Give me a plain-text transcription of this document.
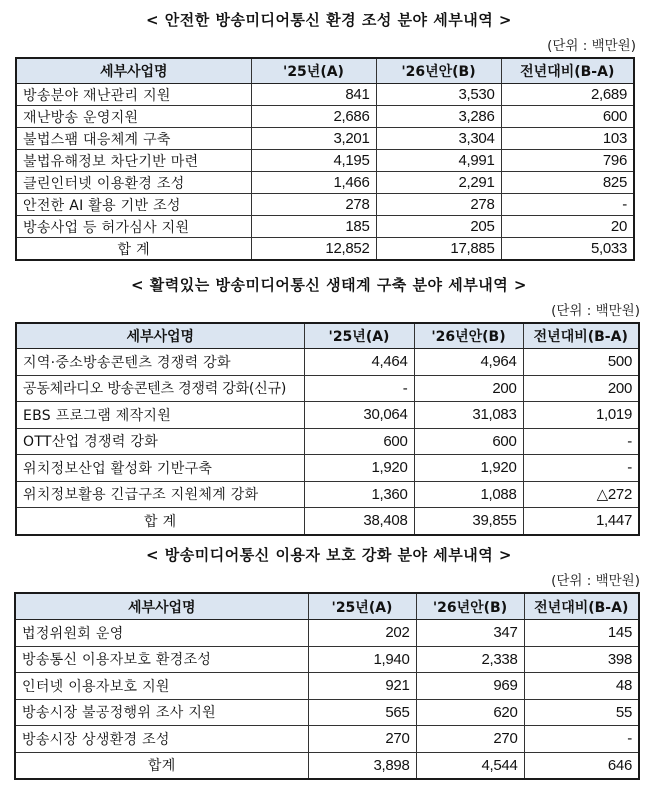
< 안전한 방송미디어통신 환경 조성 분야 세부내역 >
(단위 : 백만원)
세부사업명	'25년(A)	'26년안(B)	전년대비(B-A)
방송분야 재난관리 지원	841	3,530	2,689
재난방송 운영지원	2,686	3,286	600
불법스팸 대응체계 구축	3,201	3,304	103
불법유해정보 차단기반 마련	4,195	4,991	796
클린인터넷 이용환경 조성	1,466	2,291	825
안전한 AI 활용 기반 조성	278	278	-
방송사업 등 허가심사 지원	185	205	20
합 계	12,852	17,885	5,033
< 활력있는 방송미디어통신 생태계 구축 분야 세부내역 >
(단위 : 백만원)
세부사업명	'25년(A)	'26년안(B)	전년대비(B-A)
지역·중소방송콘텐츠 경쟁력 강화	4,464	4,964	500
공동체라디오 방송콘텐츠 경쟁력 강화(신규)	-	200	200
EBS 프로그램 제작지원	30,064	31,083	1,019
OTT산업 경쟁력 강화	600	600	-
위치정보산업 활성화 기반구축	1,920	1,920	-
위치정보활용 긴급구조 지원체계 강화	1,360	1,088	△272
합 계	38,408	39,855	1,447
< 방송미디어통신 이용자 보호 강화 분야 세부내역 >
(단위 : 백만원)
세부사업명	'25년(A)	'26년안(B)	전년대비(B-A)
법정위원회 운영	202	347	145
방송통신 이용자보호 환경조성	1,940	2,338	398
인터넷 이용자보호 지원	921	969	48
방송시장 불공정행위 조사 지원	565	620	55
방송시장 상생환경 조성	270	270	-
합계	3,898	4,544	646
